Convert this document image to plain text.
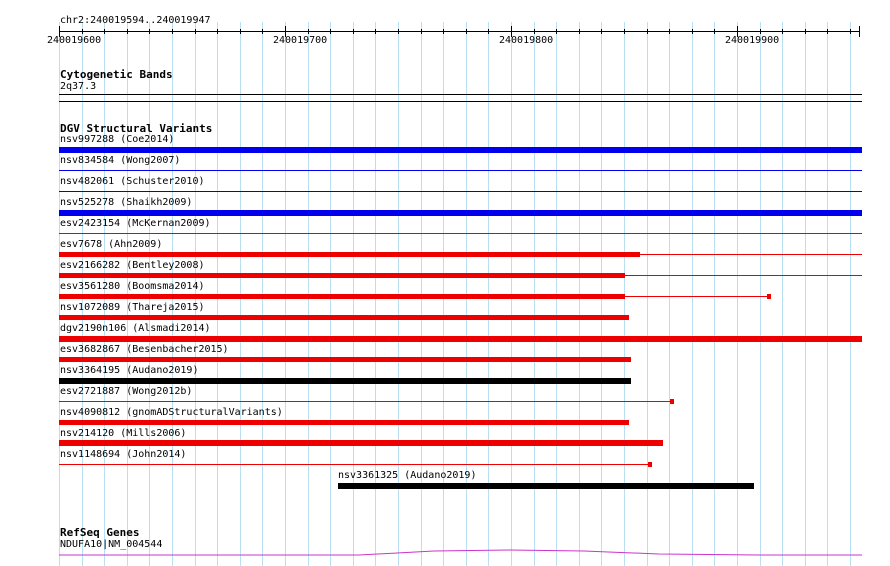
chr2:240019594..240019947
240019600	240019700	240019800	240019900
Cytogenetic Bands
2q37.3
DGV Structural Variants
nsv997288 (Coe2014)
nsv834584 (Wong2007)
nsv482061 (Schuster2010)
nsv525278 (Shaikh2009)
esv2423154 (McKernan2009)
esv7678 (Ahn2009)
esv2166282 (Bentley2008)
esv3561280 (Boomsma2014)
nsv1072089 (Thareja2015)
dgv2190n106 (Alsmadi2014)
esv3682867 (Besenbacher2015)
nsv3364195 (Audano2019)
esv2721887 (Wong2012b)
nsv4090812 (gnomADStructuralVariants)
nsv214120 (Mills2006)
nsv1148694 (John2014)
nsv3361325 (Audano2019)
RefSeq Genes
NDUFA10|NM_004544
